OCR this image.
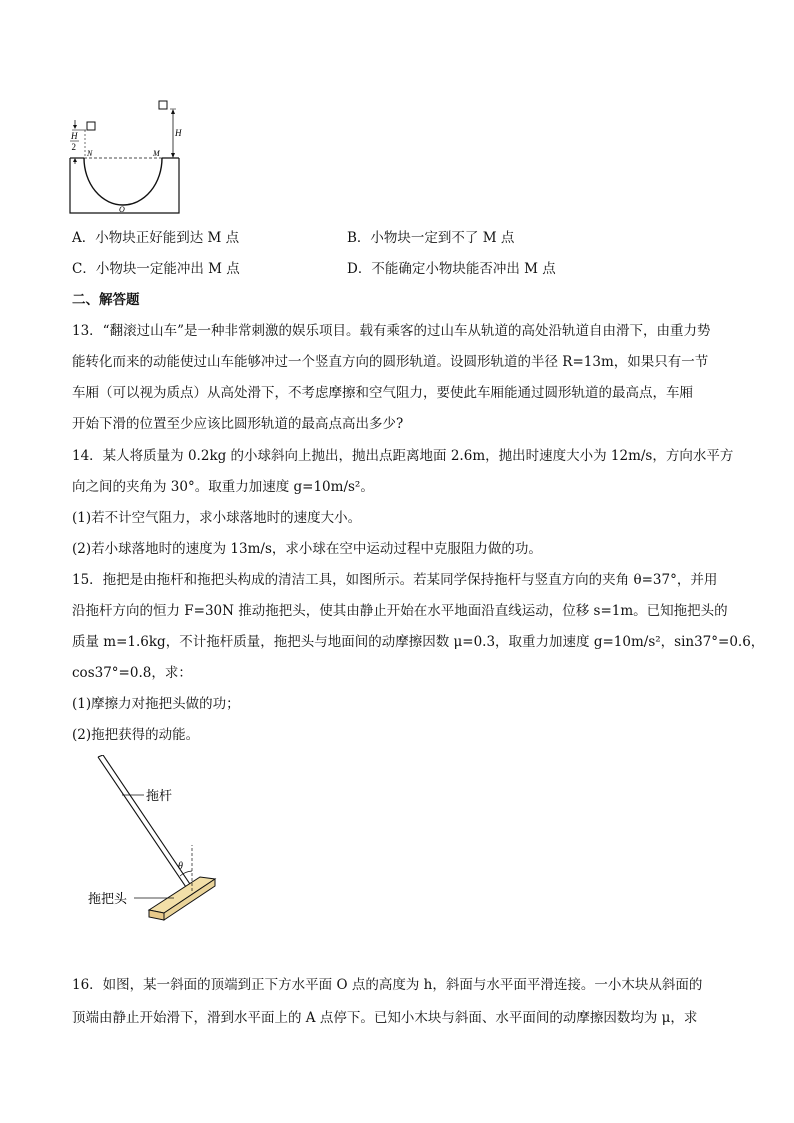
H
2
H
N	M
O
A．小物块正好能到达 M 点	B．小物块一定到不了 M 点
C．小物块一定能冲出 M 点	D．不能确定小物块能否冲出 M 点
二、解答题
13．“翻滚过山车”是一种非常刺激的娱乐项目。载有乘客的过山车从轨道的高处沿轨道自由滑下，由重力势
能转化而来的动能使过山车能够冲过一个竖直方向的圆形轨道。设圆形轨道的半径 R=13m，如果只有一节
车厢（可以视为质点）从高处滑下，不考虑摩擦和空气阻力，要使此车厢能通过圆形轨道的最高点，车厢
开始下滑的位置至少应该比圆形轨道的最高点高出多少?
14．某人将质量为 0.2kg 的小球斜向上抛出，抛出点距离地面 2.6m，抛出时速度大小为 12m/s，方向水平方
向之间的夹角为 30°。取重力加速度 g=10m/s²。
(1)若不计空气阻力，求小球落地时的速度大小。
(2)若小球落地时的速度为 13m/s，求小球在空中运动过程中克服阻力做的功。
15．拖把是由拖杆和拖把头构成的清洁工具，如图所示。若某同学保持拖杆与竖直方向的夹角 θ=37°，并用
沿拖杆方向的恒力 F=30N 推动拖把头，使其由静止开始在水平地面沿直线运动，位移 s=1m。已知拖把头的
质量 m=1.6kg，不计拖杆质量，拖把头与地面间的动摩擦因数 μ=0.3，取重力加速度 g=10m/s²，sin37°=0.6，
cos37°=0.8，求：
(1)摩擦力对拖把头做的功；
(2)拖把获得的动能。
θ
拖杆
拖把头
16．如图，某一斜面的顶端到正下方水平面 O 点的高度为 h，斜面与水平面平滑连接。一小木块从斜面的
顶端由静止开始滑下，滑到水平面上的 A 点停下。已知小木块与斜面、水平面间的动摩擦因数均为 μ，求
